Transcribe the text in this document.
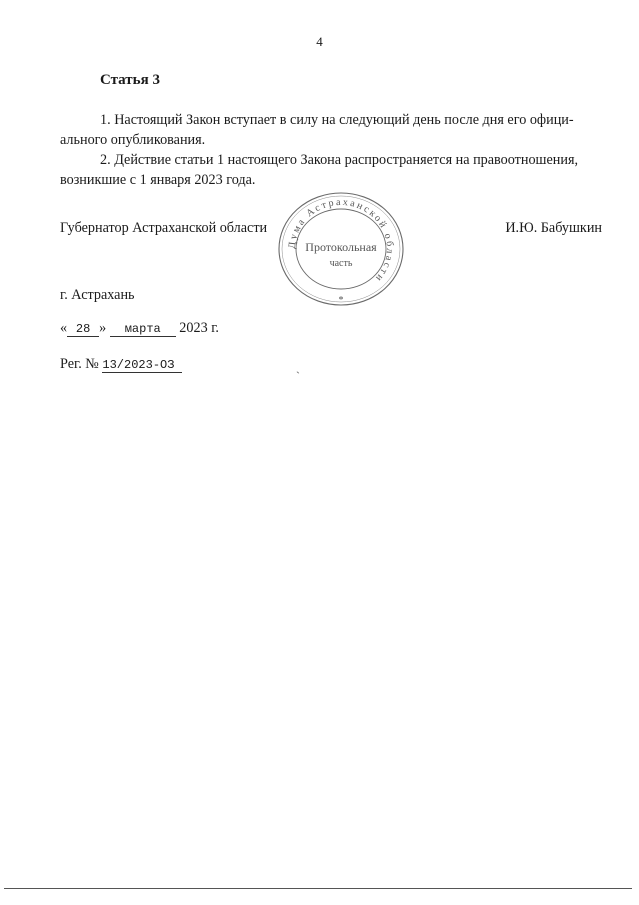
4
Статья 3
1. Настоящий Закон вступает в силу на следующий день после дня его офици-
ального опубликования.
2. Действие статьи 1 настоящего Закона распространяется на правоотношения,
возникшие с 1 января 2023 года.
Губернатор Астраханской области	И.Ю. Бабушкин
Дума Астраханской области
Протокольная
часть
*
г. Астрахань
« 28 » марта 2023 г.
Рег. № 13/2023-ОЗ	ˏ
